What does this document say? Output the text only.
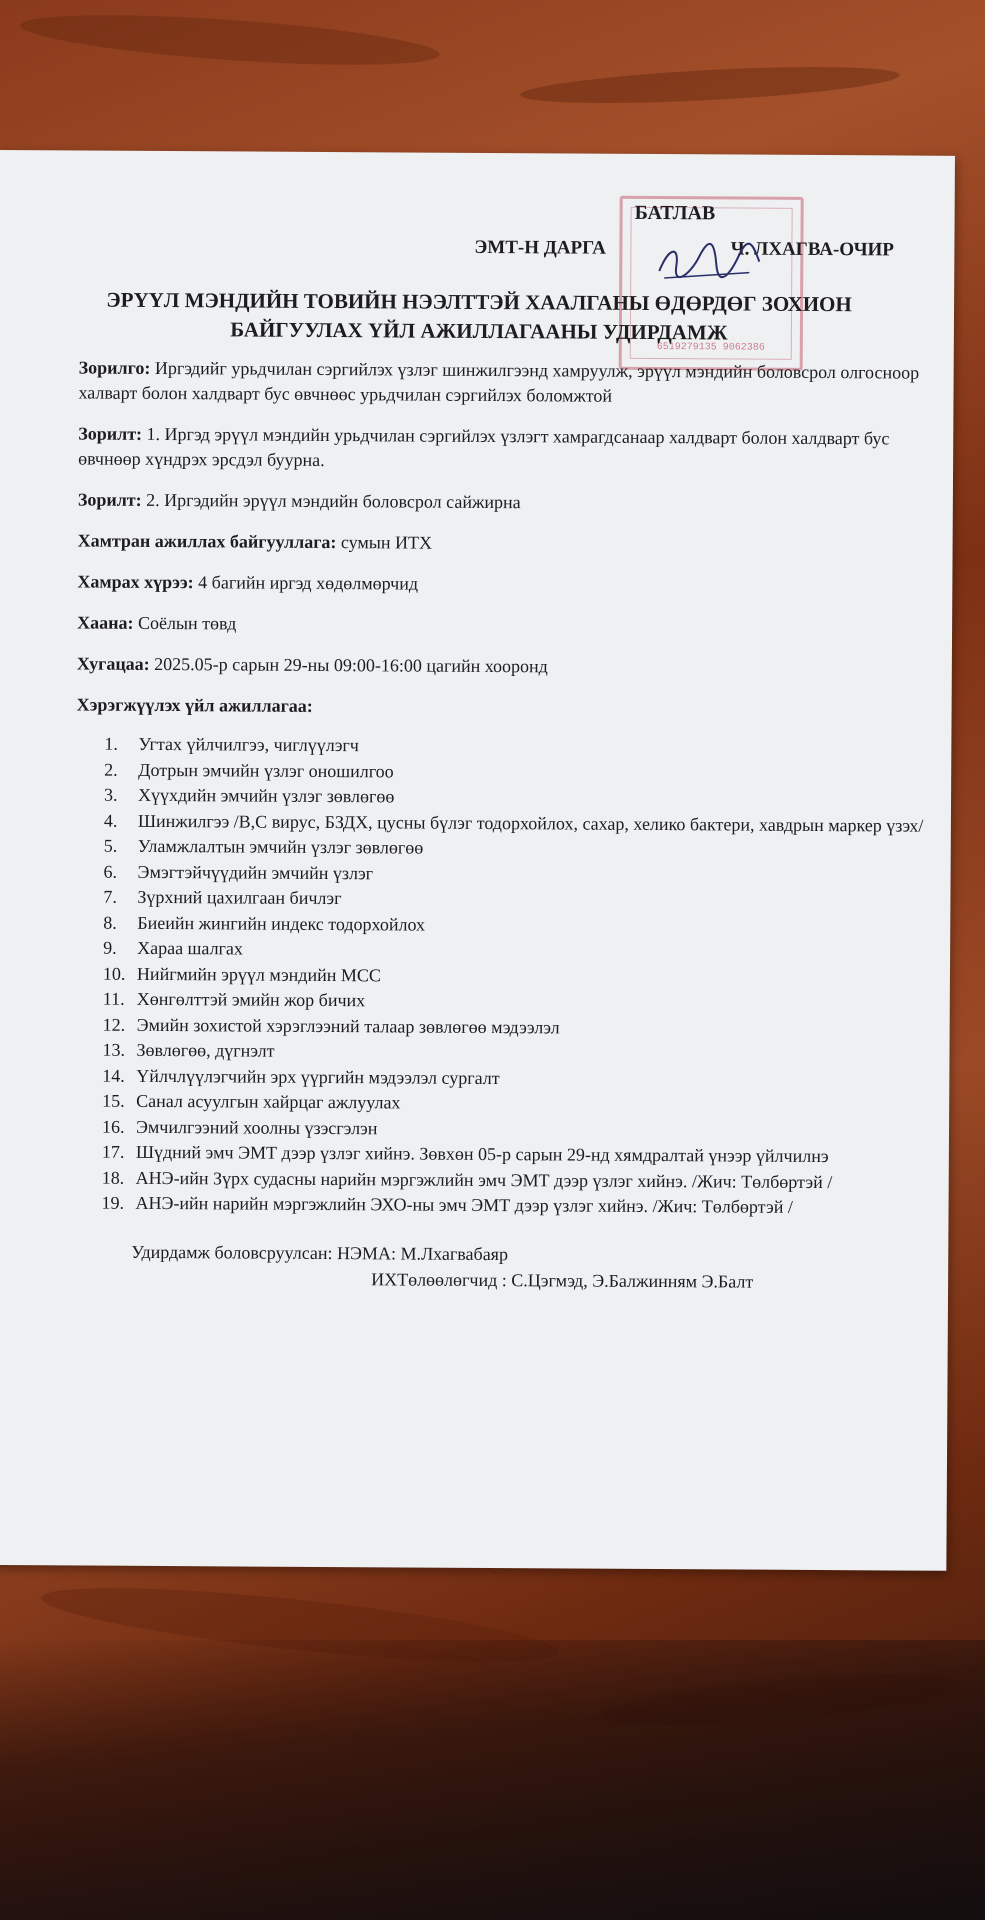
6519279135 9062386
БАТЛАВ
ЭМТ-Н ДАРГА	Ч. ЛХАГВА-ОЧИР
ЭРҮҮЛ МЭНДИЙН ТОВИЙН НЭЭЛТТЭЙ ХААЛГАНЫ ӨДӨРДӨГ ЗОХИОН
БАЙГУУЛАХ ҮЙЛ АЖИЛЛАГААНЫ УДИРДАМЖ

Зорилго: Иргэдийг урьдчилан сэргийлэх үзлэг шинжилгээнд хамруулж, эрүүл мэндийн боловсрол олгосноор халварт болон халдварт бус өвчнөөс урьдчилан сэргийлэх боломжтой

Зорилт: 1. Иргэд эрүүл мэндийн урьдчилан сэргийлэх үзлэгт хамрагдсанаар халдварт болон халдварт бус өвчнөөр хүндрэх эрсдэл буурна.

Зорилт: 2. Иргэдийн эрүүл мэндийн боловсрол сайжирна

Хамтран ажиллах байгууллага: сумын ИТХ

Хамрах хүрээ: 4 багийн иргэд хөдөлмөрчид

Хаана: Соёлын төвд

Хугацаа: 2025.05-р сарын 29-ны 09:00-16:00 цагийн хооронд

Хэрэгжүүлэх үйл ажиллагаа:

1.	Угтах үйлчилгээ, чиглүүлэгч
2.	Дотрын эмчийн үзлэг оношилгоо
3.	Хүүхдийн эмчийн үзлэг зөвлөгөө
4.	Шинжилгээ /В,С вирус, БЗДХ, цусны бүлэг тодорхойлох, сахар, хелико бактери, хавдрын маркер үзэх/
5.	Уламжлалтын эмчийн үзлэг зөвлөгөө
6.	Эмэгтэйчүүдийн эмчийн үзлэг
7.	Зүрхний цахилгаан бичлэг
8.	Биеийн жингийн индекс тодорхойлох
9.	Хараа шалгах
10. Нийгмийн эрүүл мэндийн МСС
11. Хөнгөлттэй эмийн жор бичих
12. Эмийн зохистой хэрэглээний талаар зөвлөгөө мэдээлэл
13. Зөвлөгөө, дүгнэлт
14. Үйлчлүүлэгчийн эрх үүргийн мэдээлэл сургалт
15. Санал асуулгын хайрцаг ажлуулах
16. Эмчилгээний хоолны үзэсгэлэн
17. Шүдний эмч ЭМТ дээр үзлэг хийнэ. Зөвхөн 05-р сарын 29-нд хямдралтай үнээр үйлчилнэ
18. АНЭ-ийн Зүрх судасны нарийн мэргэжлийн эмч ЭМТ дээр үзлэг хийнэ. /Жич: Төлбөртэй /
19. АНЭ-ийн нарийн мэргэжлийн ЭХО-ны эмч ЭМТ дээр үзлэг хийнэ. /Жич: Төлбөртэй /
Удирдамж боловсруулсан: НЭМА: М.Лхагвабаяр
ИХТөлөөлөгчид : С.Цэгмэд, Э.Балжинням Э.Балт
